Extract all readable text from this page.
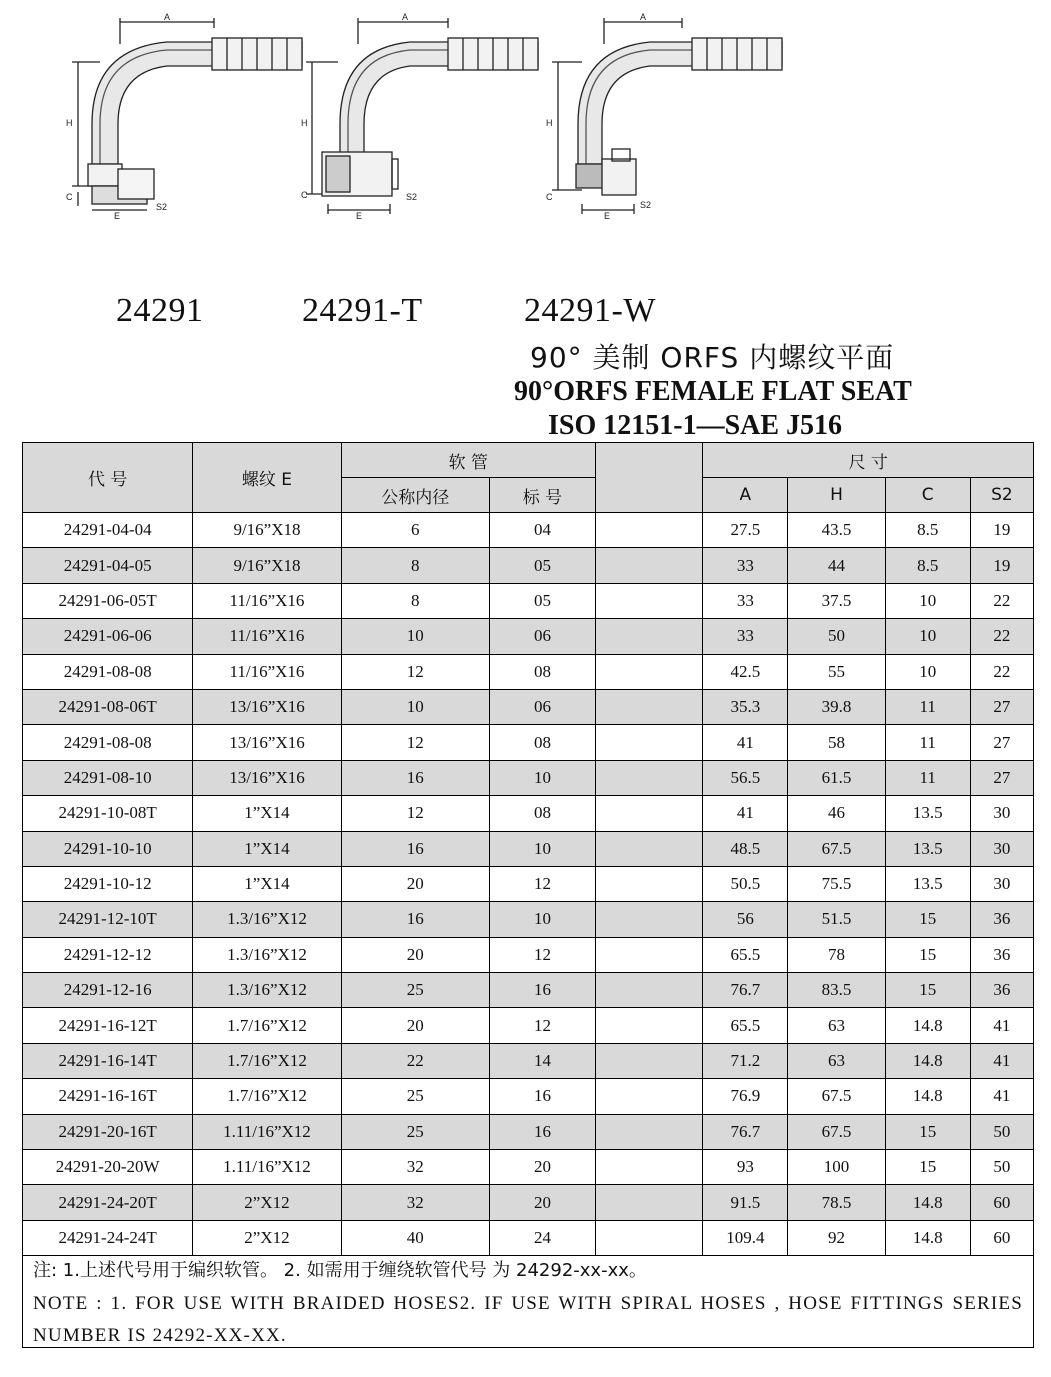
A
H
C
E
S2
A
H
C
E
S2
A
H
C
E
S2
24291	24291-T	24291-W
90° 美制 ORFS 内螺纹平面
90°ORFS FEMALE FLAT SEAT
ISO 12151-1—SAE J516
代 号	螺纹 E	软 管			尺 寸			
		公称内径	标 号		A	H	C	S2
24291-04-04	9/16”X18	6	04		27.5	43.5	8.5	19
24291-04-05	9/16”X18	8	05		33	44	8.5	19
24291-06-05T	11/16”X16	8	05		33	37.5	10	22
24291-06-06	11/16”X16	10	06		33	50	10	22
24291-08-08	11/16”X16	12	08		42.5	55	10	22
24291-08-06T	13/16”X16	10	06		35.3	39.8	11	27
24291-08-08	13/16”X16	12	08		41	58	11	27
24291-08-10	13/16”X16	16	10		56.5	61.5	11	27
24291-10-08T	1”X14	12	08		41	46	13.5	30
24291-10-10	1”X14	16	10		48.5	67.5	13.5	30
24291-10-12	1”X14	20	12		50.5	75.5	13.5	30
24291-12-10T	1.3/16”X12	16	10		56	51.5	15	36
24291-12-12	1.3/16”X12	20	12		65.5	78	15	36
24291-12-16	1.3/16”X12	25	16		76.7	83.5	15	36
24291-16-12T	1.7/16”X12	20	12		65.5	63	14.8	41
24291-16-14T	1.7/16”X12	22	14		71.2	63	14.8	41
24291-16-16T	1.7/16”X12	25	16		76.9	67.5	14.8	41
24291-20-16T	1.11/16”X12	25	16		76.7	67.5	15	50
24291-20-20W	1.11/16”X12	32	20		93	100	15	50
24291-24-20T	2”X12	32	20		91.5	78.5	14.8	60
24291-24-24T	2”X12	40	24		109.4	92	14.8	60
注: 1.上述代号用于编织软管。 2. 如需用于缠绕软管代号 为 24292-xx-xx。
NOTE : 1. FOR USE WITH BRAIDED HOSES2. IF USE WITH SPIRAL HOSES , HOSE FITTINGS SERIES NUMBER IS 24292-XX-XX.
